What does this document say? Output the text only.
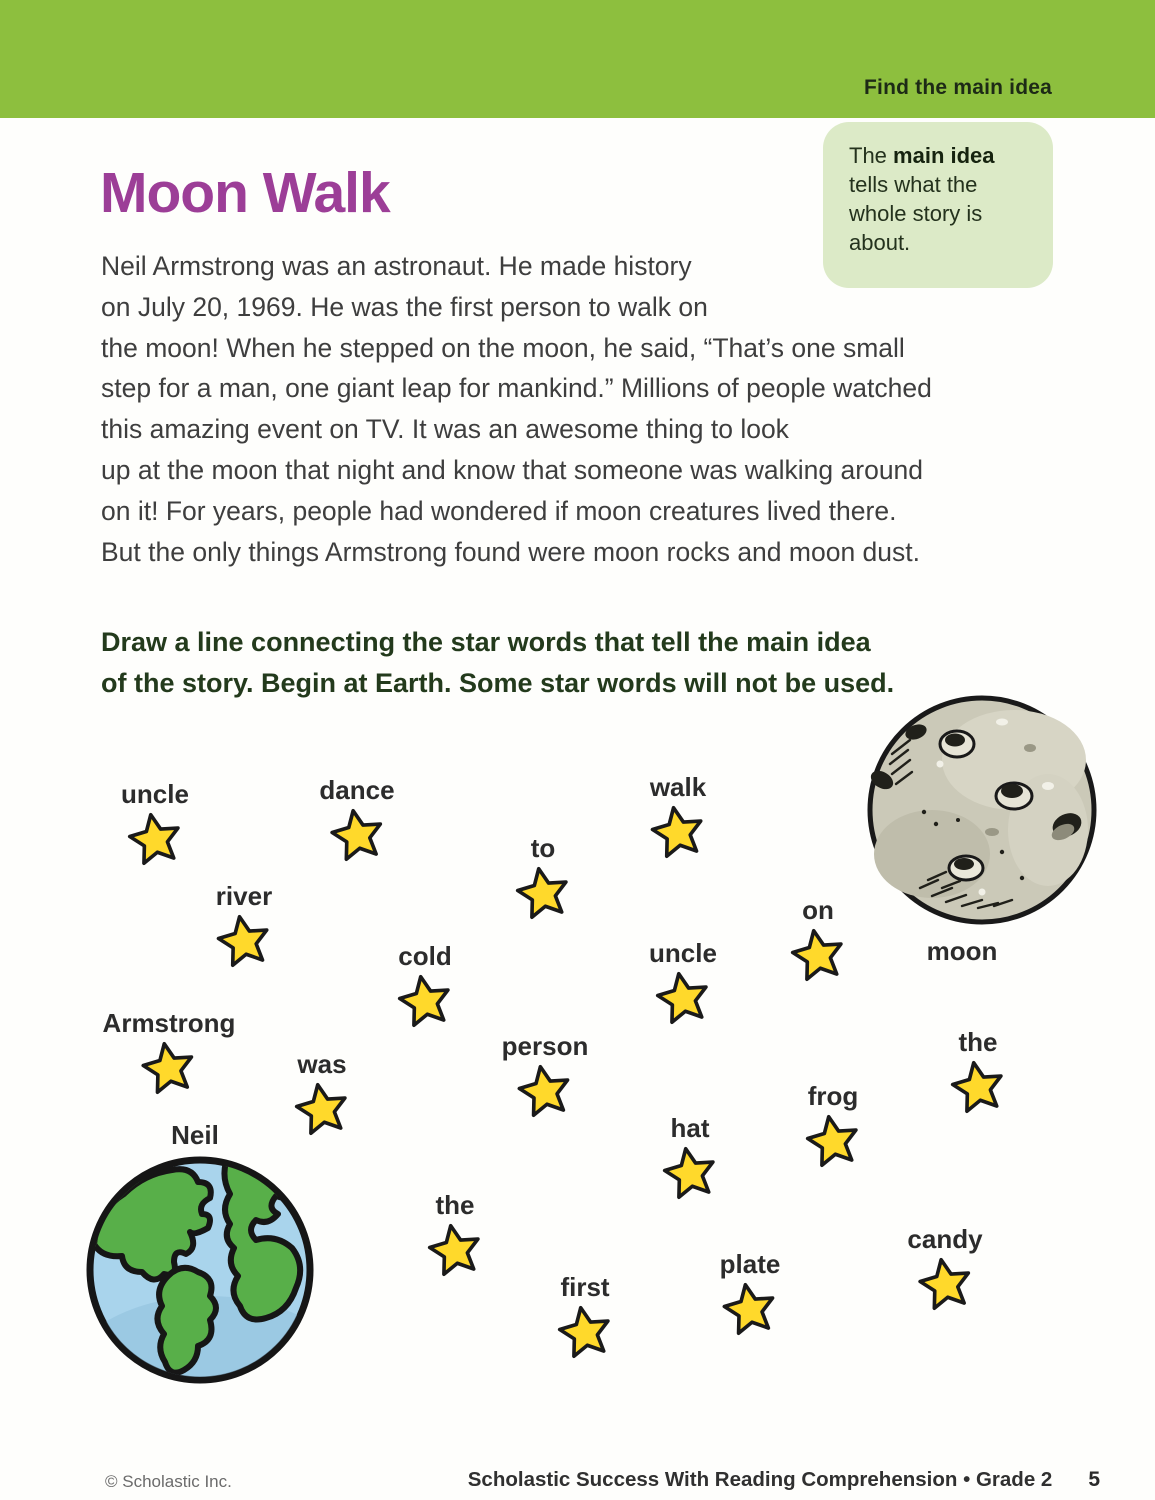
Find the main idea
The main idea tells what the whole story is about.
Moon Walk
Neil Armstrong was an astronaut. He made history
on July 20, 1969. He was the first person to walk on
the moon! When he stepped on the moon, he said, “That’s one small
step for a man, one giant leap for mankind.” Millions of people watched
this amazing event on TV. It was an awesome thing to look
up at the moon that night and know that someone was walking around
on it! For years, people had wondered if moon creatures lived there.
But the only things Armstrong found were moon rocks and moon dust.
Draw a line connecting the star words that tell the main idea
of the story. Begin at Earth. Some star words will not be used.
uncle	dance	walk
to
river	on
cold	uncle	moon
Armstrong
the
person
was
frog
hat
Neil
the
candy
plate
first
© Scholastic Inc.	Scholastic Success With Reading Comprehension • Grade 2 5
